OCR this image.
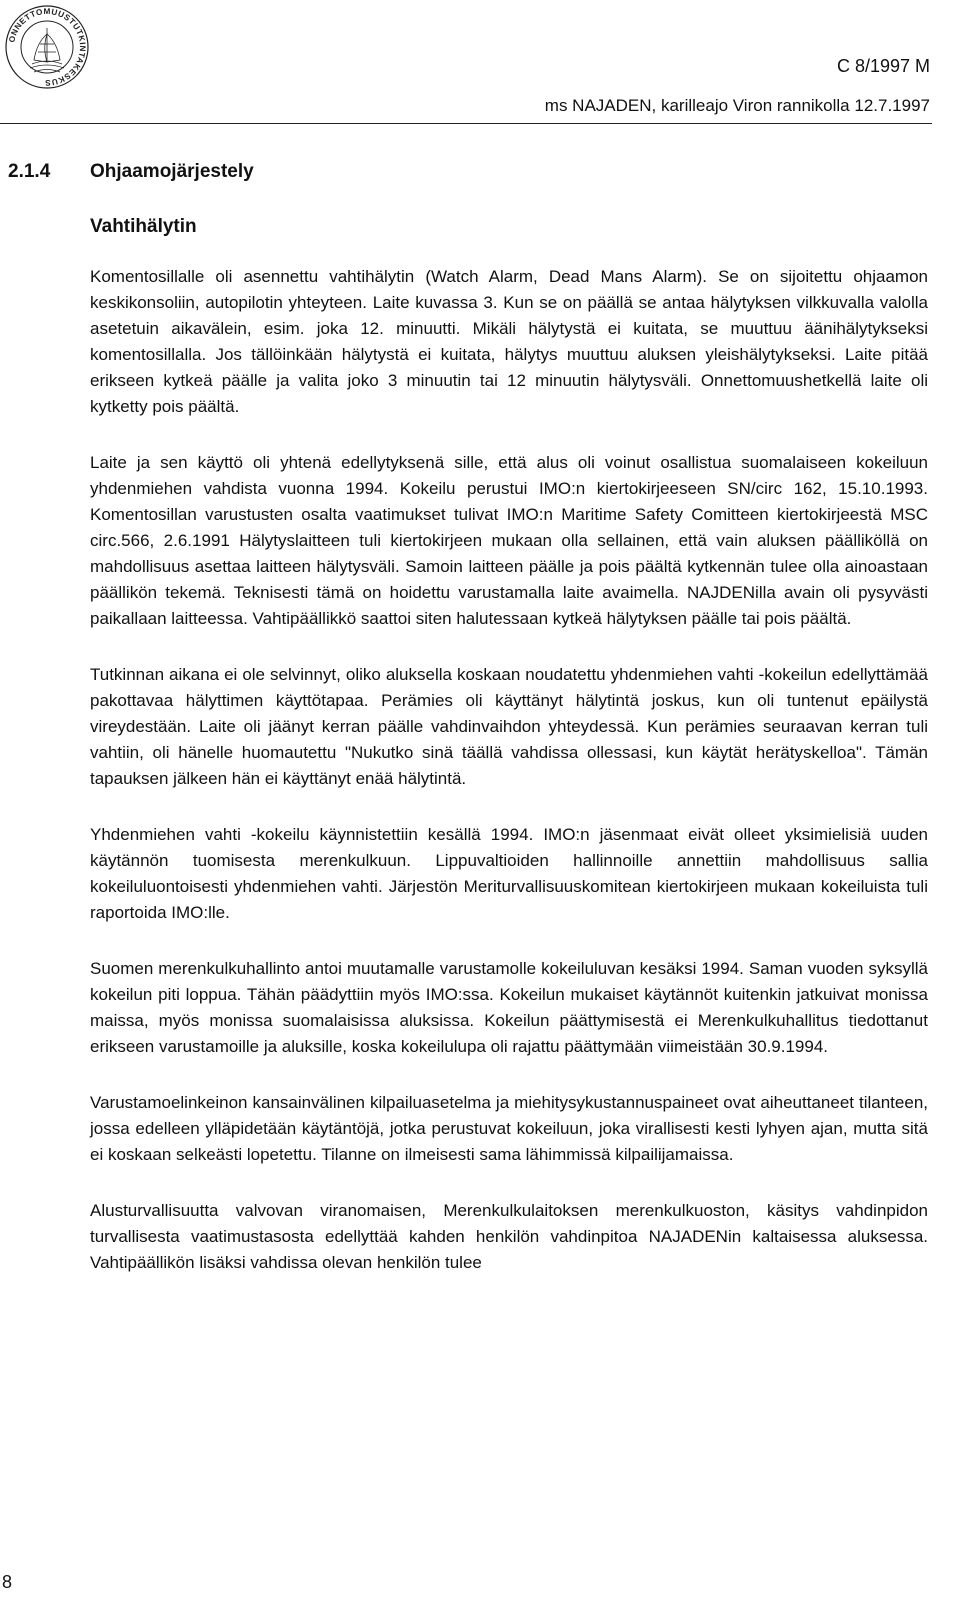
ONNETTOMUUSTUTKINTAKESKUS
C 8/1997 M
ms NAJADEN, karilleajo Viron rannikolla 12.7.1997
2.1.4 Ohjaamojärjestely
Vahtihälytin

Komentosillalle oli asennettu vahtihälytin (Watch Alarm, Dead Mans Alarm). Se on sijoitettu ohjaamon keskikonsoliin, autopilotin yhteyteen. Laite kuvassa 3. Kun se on päällä se antaa hälytyksen vilkkuvalla valolla asetetuin aikavälein, esim. joka 12. minuutti. Mikäli hälytystä ei kuitata, se muuttuu äänihälytykseksi komentosillalla. Jos tällöinkään hälytystä ei kuitata, hälytys muuttuu aluksen yleishälytykseksi. Laite pitää erikseen kytkeä päälle ja valita joko 3 minuutin tai 12 minuutin hälytysväli. Onnettomuushetkellä laite oli kytketty pois päältä.

Laite ja sen käyttö oli yhtenä edellytyksenä sille, että alus oli voinut osallistua suomalaiseen kokeiluun yhdenmiehen vahdista vuonna 1994. Kokeilu perustui IMO:n kiertokirjeeseen SN/circ 162, 15.10.1993. Komentosillan varustusten osalta vaatimukset tulivat IMO:n Maritime Safety Comitteen kiertokirjeestä MSC circ.566, 2.6.1991 Hälytyslaitteen tuli kiertokirjeen mukaan olla sellainen, että vain aluksen päälliköllä on mahdollisuus asettaa laitteen hälytysväli. Samoin laitteen päälle ja pois päältä kytkennän tulee olla ainoastaan päällikön tekemä. Teknisesti tämä on hoidettu varustamalla laite avaimella. NAJDENilla avain oli pysyvästi paikallaan laitteessa. Vahtipäällikkö saattoi siten halutessaan kytkeä hälytyksen päälle tai pois päältä.

Tutkinnan aikana ei ole selvinnyt, oliko aluksella koskaan noudatettu yhdenmiehen vahti -kokeilun edellyttämää pakottavaa hälyttimen käyttötapaa. Perämies oli käyttänyt hälytintä joskus, kun oli tuntenut epäilystä vireydestään. Laite oli jäänyt kerran päälle vahdinvaihdon yhteydessä. Kun perämies seuraavan kerran tuli vahtiin, oli hänelle huomautettu "Nukutko sinä täällä vahdissa ollessasi, kun käytät herätyskelloa". Tämän tapauksen jälkeen hän ei käyttänyt enää hälytintä.

Yhdenmiehen vahti -kokeilu käynnistettiin kesällä 1994. IMO:n jäsenmaat eivät olleet yksimielisiä uuden käytännön tuomisesta merenkulkuun. Lippuvaltioiden hallinnoille annettiin mahdollisuus sallia kokeiluluontoisesti yhdenmiehen vahti. Järjestön Meriturvallisuuskomitean kiertokirjeen mukaan kokeiluista tuli raportoida IMO:lle.

Suomen merenkulkuhallinto antoi muutamalle varustamolle kokeiluluvan kesäksi 1994. Saman vuoden syksyllä kokeilun piti loppua. Tähän päädyttiin myös IMO:ssa. Kokeilun mukaiset käytännöt kuitenkin jatkuivat monissa maissa, myös monissa suomalaisissa aluksissa. Kokeilun päättymisestä ei Merenkulkuhallitus tiedottanut erikseen varustamoille ja aluksille, koska kokeilulupa oli rajattu päättymään viimeistään 30.9.1994.

Varustamoelinkeinon kansainvälinen kilpailuasetelma ja miehitysykustannuspaineet ovat aiheuttaneet tilanteen, jossa edelleen ylläpidetään käytäntöjä, jotka perustuvat kokeiluun, joka virallisesti kesti lyhyen ajan, mutta sitä ei koskaan selkeästi lopetettu. Tilanne on ilmeisesti sama lähimmissä kilpailijamaissa.

Alusturvallisuutta valvovan viranomaisen, Merenkulkulaitoksen merenkulkuoston, käsitys vahdinpidon turvallisesta vaatimustasosta edellyttää kahden henkilön vahdinpitoa NAJADENin kaltaisessa aluksessa. Vahtipäällikön lisäksi vahdissa olevan henkilön tulee

8
